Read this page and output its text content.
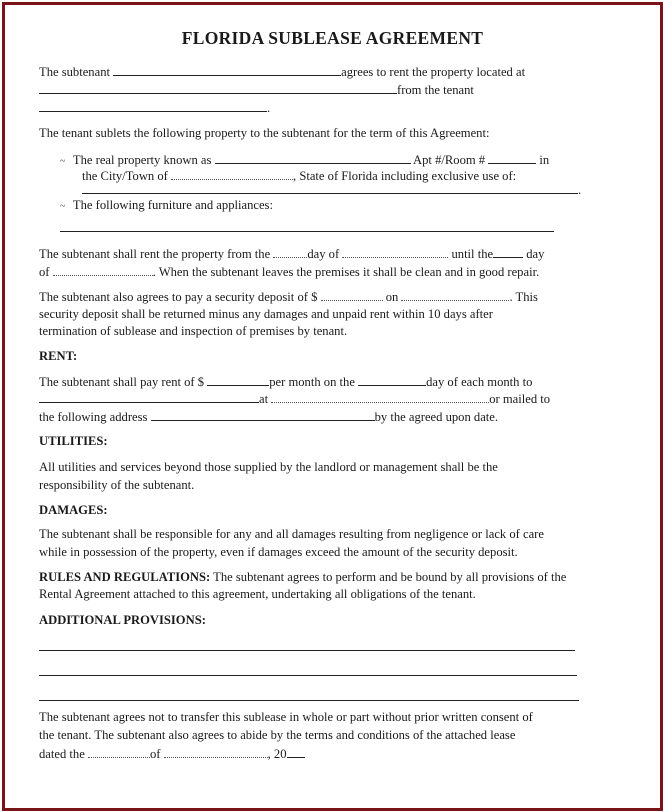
FLORIDA SUBLEASE AGREEMENT
The subtenant	agrees to rent the property located at
from the tenant
.
The tenant sublets the following property to the subtenant for the term of this Agreement:
~ The real property known as	Apt #/Room #	in
the City/Town of	, State of Florida including exclusive use of:
.
~ The following furniture and appliances:
The subtenant shall rent the property from the	day of	until the	day
of	. When the subtenant leaves the premises it shall be clean and in good repair.
The subtenant also agrees to pay a security deposit of $	on	. This
security deposit shall be returned minus any damages and unpaid rent within 10 days after
termination of sublease and inspection of premises by tenant.
RENT:
The subtenant shall pay rent of $	per month on the	day of each month to
at	or mailed to
the following address	by the agreed upon date.
UTILITIES:
All utilities and services beyond those supplied by the landlord or management shall be the
responsibility of the subtenant.
DAMAGES:
The subtenant shall be responsible for any and all damages resulting from negligence or lack of care
while in possession of the property, even if damages exceed the amount of the security deposit.
RULES AND REGULATIONS: The subtenant agrees to perform and be bound by all provisions of the
Rental Agreement attached to this agreement, undertaking all obligations of the tenant.
ADDITIONAL PROVISIONS:
The subtenant agrees not to transfer this sublease in whole or part without prior written consent of
the tenant. The subtenant also agrees to abide by the terms and conditions of the attached lease
dated the	of	, 20
